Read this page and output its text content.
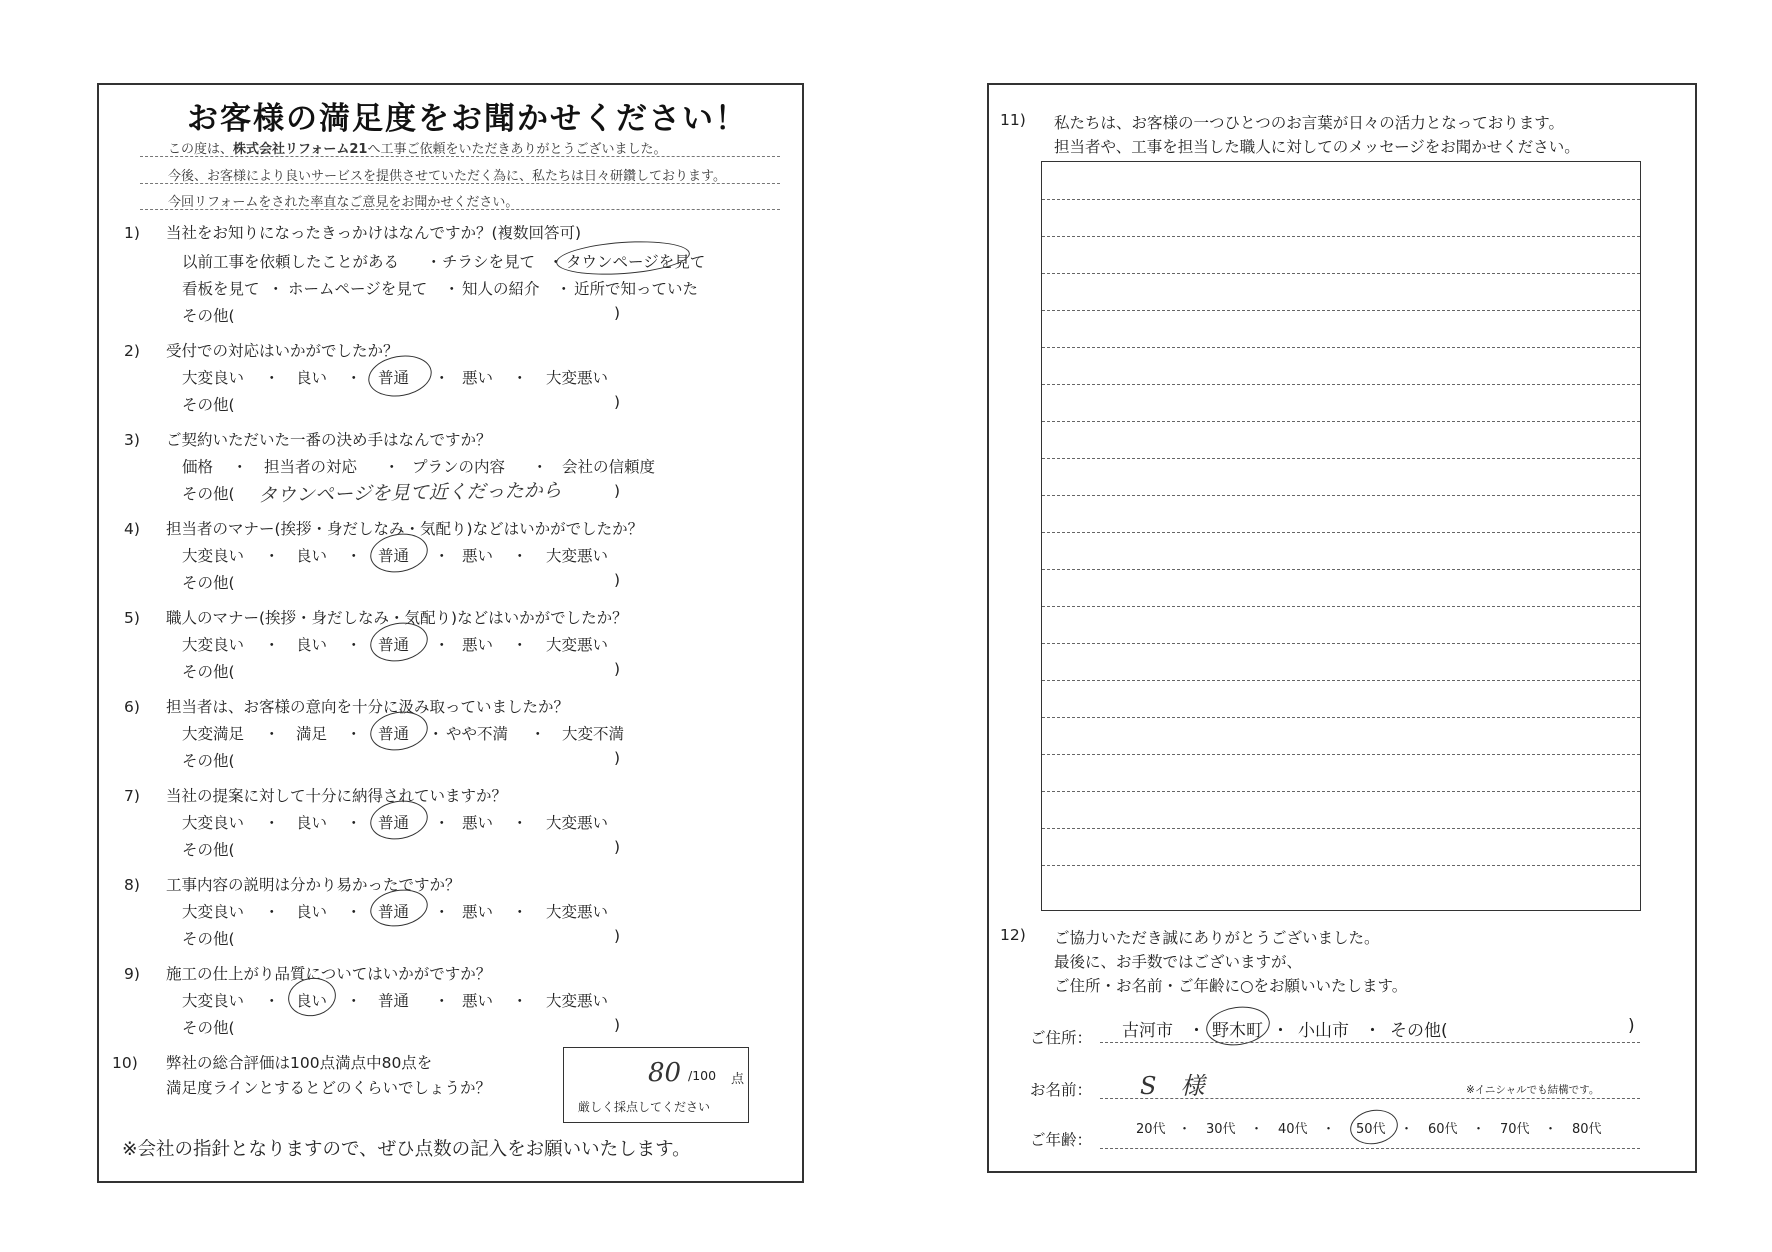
お客様の満足度をお聞かせください！
この度は、株式会社リフォーム21へ工事ご依頼をいただきありがとうございました。
今後、お客様により良いサービスを提供させていただく為に、私たちは日々研鑽しております。
今回リフォームをされた率直なご意見をお聞かせください。
1) 当社をお知りになったきっかけはなんですか？(複数回答可)
以前工事を依頼したことがある ・ チラシを見て ・ タウンページを見て
看板を見て ・ ホームページを見て ・ 知人の紹介 ・ 近所で知っていた
その他(	)
2) 受付での対応はいかがでしたか？
大変良い ・ 良い ・ 普通 ・ 悪い ・ 大変悪い
その他(	)
3) ご契約いただいた一番の決め手はなんですか？
価格 ・ 担当者の対応 ・ プランの内容 ・ 会社の信頼度
その他( タウンページを見て近くだったから	)
4) 担当者のマナー(挨拶・身だしなみ・気配り)などはいかがでしたか？
大変良い ・ 良い ・ 普通 ・ 悪い ・ 大変悪い
その他(	)
5) 職人のマナー(挨拶・身だしなみ・気配り)などはいかがでしたか？
大変良い ・ 良い ・ 普通 ・ 悪い ・ 大変悪い
その他(	)
6) 担当者は、お客様の意向を十分に汲み取っていましたか？
大変満足 ・ 満足 ・ 普通 ・ やや不満 ・ 大変不満
その他(	)
7) 当社の提案に対して十分に納得されていますか？
大変良い ・ 良い ・ 普通 ・ 悪い ・ 大変悪い
その他(	)
8) 工事内容の説明は分かり易かったですか？
大変良い ・ 良い ・ 普通 ・ 悪い ・ 大変悪い
その他(	)
9) 施工の仕上がり品質についてはいかがですか？
大変良い ・ 良い ・ 普通 ・ 悪い ・ 大変悪い
その他(	)
10) 弊社の総合評価は100点満点中80点を
満足度ラインとするとどのくらいでしょうか？	80 /100 点
厳しく採点してください
※会社の指針となりますので、ぜひ点数の記入をお願いいたします。
11) 私たちは、お客様の一つひとつのお言葉が日々の活力となっております。
担当者や、工事を担当した職人に対してのメッセージをお聞かせください。
12) ご協力いただき誠にありがとうございました。
最後に、お手数ではございますが、
ご住所・お名前・ご年齢に○をお願いいたします。
ご住所： 古河市 ・ 野木町 ・ 小山市 ・ その他(	)
お名前： S　様	※イニシャルでも結構です。
ご年齢：
20代 ・ 30代 ・ 40代 ・ 50代 ・ 60代 ・ 70代 ・ 80代
